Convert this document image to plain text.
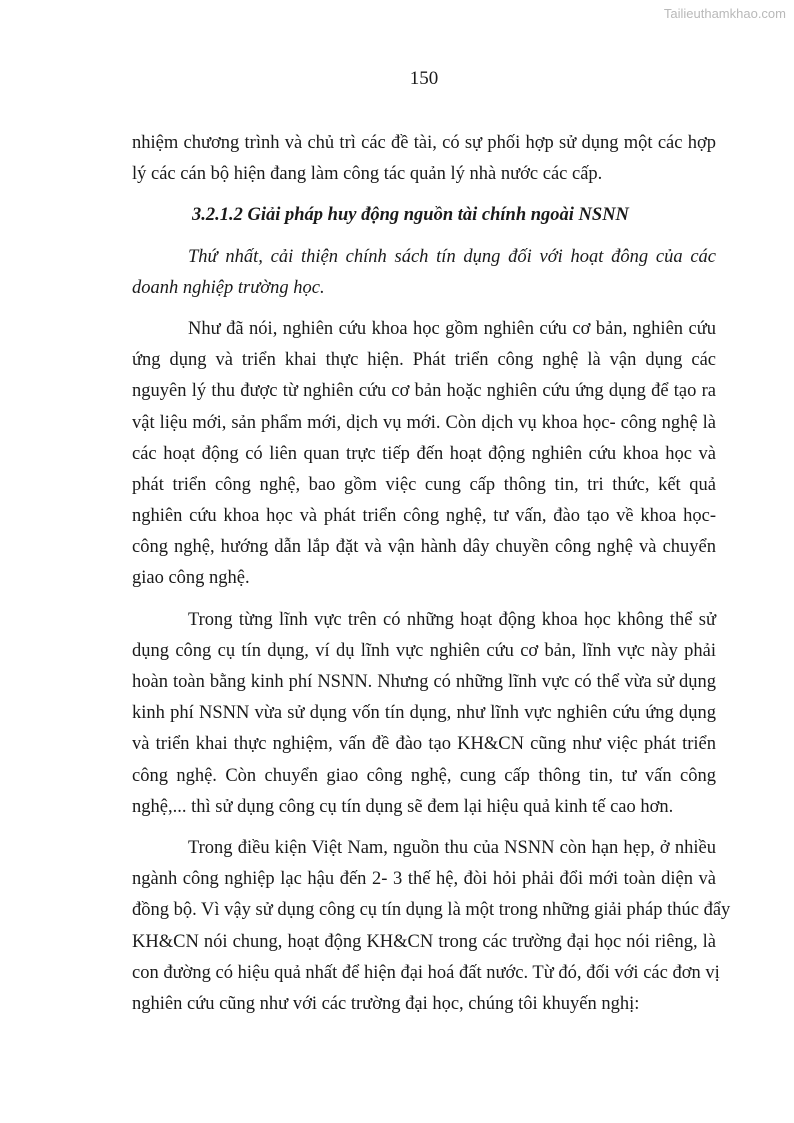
Tailieuthamkhao.com
150
nhiệm chương trình và chủ trì các đề tài, có sự phối hợp sử dụng một các hợp
lý các cán bộ hiện đang làm công tác quản lý nhà nước các cấp.
3.2.1.2 Giải pháp huy động nguồn tài chính ngoài NSNN
Thứ nhất, cải thiện chính sách tín dụng đối với hoạt đông của các
doanh nghiệp trường học.
Như đã nói, nghiên cứu khoa học gồm nghiên cứu cơ bản, nghiên cứu
ứng dụng và triển khai thực hiện. Phát triển công nghệ là vận dụng các
nguyên lý thu được từ nghiên cứu cơ bản hoặc nghiên cứu ứng dụng để tạo ra
vật liệu mới, sản phẩm mới, dịch vụ mới. Còn dịch vụ khoa học- công nghệ là
các hoạt động có liên quan trực tiếp đến hoạt động nghiên cứu khoa học và
phát triển công nghệ, bao gồm việc cung cấp thông tin, tri thức, kết quả
nghiên cứu khoa học và phát triển công nghệ, tư vấn, đào tạo về khoa học-
công nghệ, hướng dẫn lắp đặt và vận hành dây chuyền công nghệ và chuyển
giao công nghệ.
Trong từng lĩnh vực trên có những hoạt động khoa học không thể sử
dụng công cụ tín dụng, ví dụ lĩnh vực nghiên cứu cơ bản, lĩnh vực này phải
hoàn toàn bằng kinh phí NSNN. Nhưng có những lĩnh vực có thể vừa sử dụng
kinh phí NSNN vừa sử dụng vốn tín dụng, như lĩnh vực nghiên cứu ứng dụng
và triển khai thực nghiệm, vấn đề đào tạo KH&CN cũng như việc phát triển
công nghệ. Còn chuyển giao công nghệ, cung cấp thông tin, tư vấn công
nghệ,... thì sử dụng công cụ tín dụng sẽ đem lại hiệu quả kinh tế cao hơn.
Trong điều kiện Việt Nam, nguồn thu của NSNN còn hạn hẹp, ở nhiều
ngành công nghiệp lạc hậu đến 2- 3 thế hệ, đòi hỏi phải đổi mới toàn diện và
đồng bộ. Vì vậy sử dụng công cụ tín dụng là một trong những giải pháp thúc đẩy
KH&CN nói chung, hoạt động KH&CN trong các trường đại học nói riêng, là
con đường có hiệu quả nhất để hiện đại hoá đất nước. Từ đó, đối với các đơn vị
nghiên cứu cũng như với các trường đại học, chúng tôi khuyến nghị:
